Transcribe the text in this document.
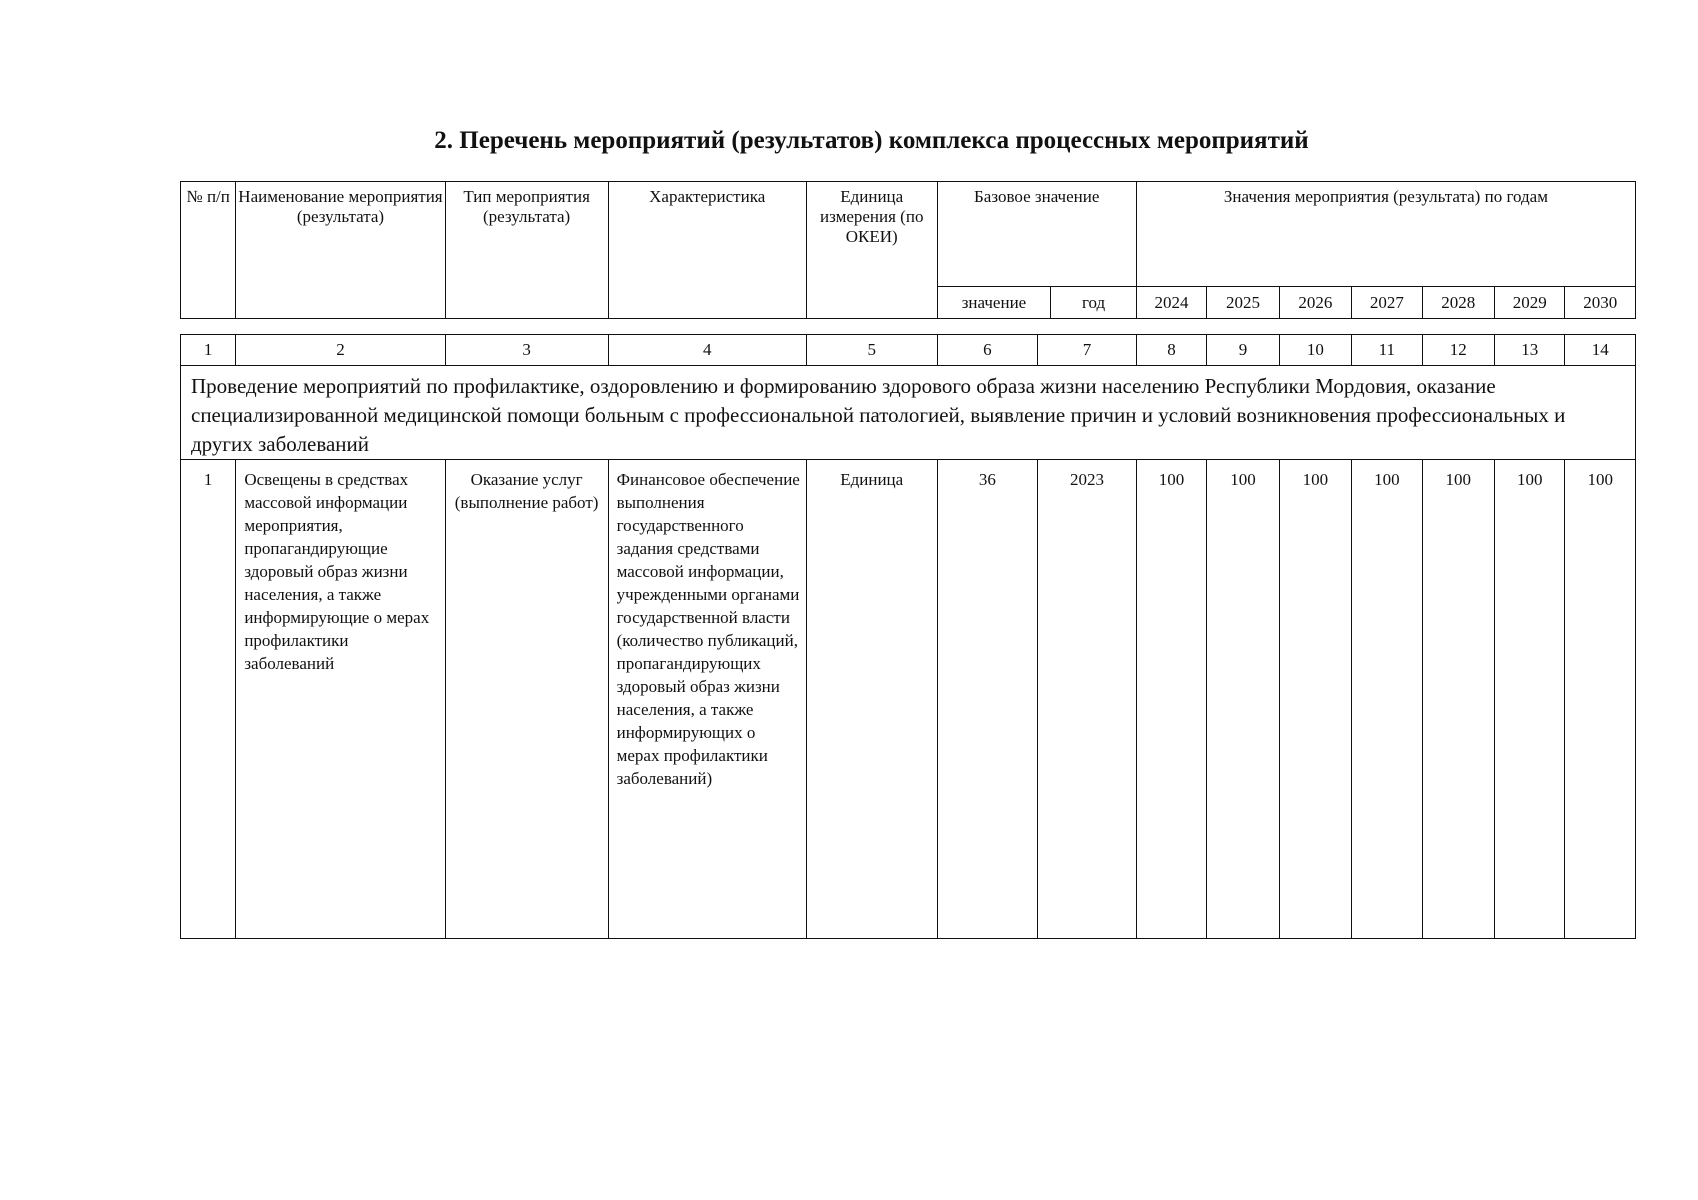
2. Перечень мероприятий (результатов) комплекса процессных мероприятий
№ п/п	Наименование мероприятия (результата)	Тип мероприятия (результата)	Характеристика	Единица измерения (по ОКЕИ)	Базовое значение		Значения мероприятия (результата) по годам						
					значение	год	2024	2025	2026	2027	2028	2029	2030
1	2	3	4	5	6	7	8	9	10	11	12	13	14
Проведение мероприятий по профилактике, оздоровлению и формированию здорового образа жизни населению Республики Мордовия, оказание специализированной медицинской помощи больным с профессиональной патологией, выявление причин и условий возникновения профессиональных и других заболеваний													
1	Освещены в средствах массовой информации мероприятия, пропагандирующие здоровый образ жизни населения, а также информирующие о мерах профилактики заболеваний	Оказание услуг (выполнение работ)	Финансовое обеспечение выполнения государственного задания средствами массовой информации, учрежденными органами государственной власти (количество публикаций, пропагандирующих здоровый образ жизни населения, а также информирующих о мерах профилактики заболеваний)	Единица	36	2023	100	100	100	100	100	100	100
